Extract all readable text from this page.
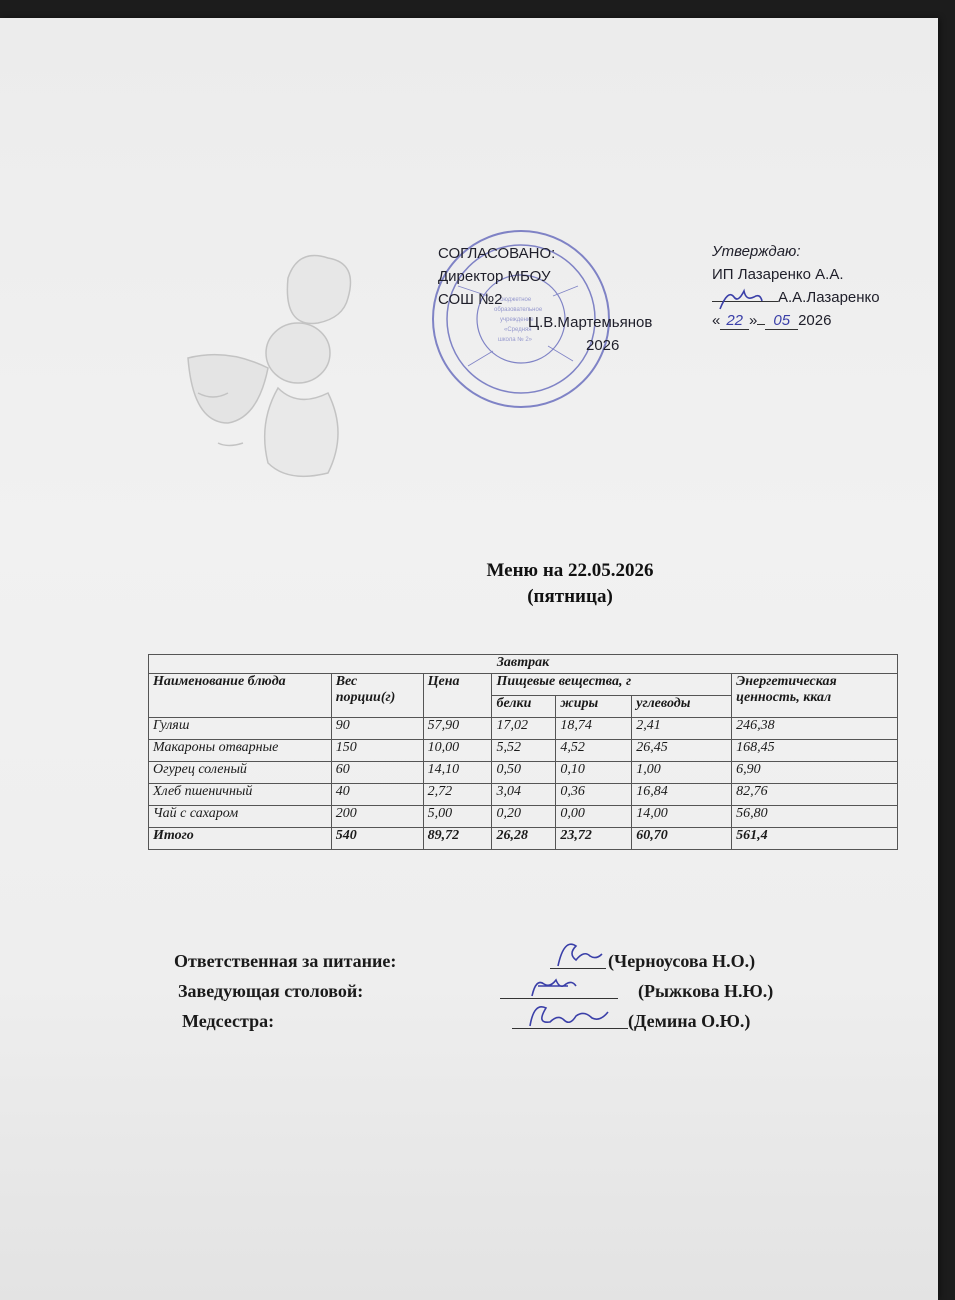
бюджетное
образовательное
учреждение
«Средняя
школа № 2»
СОГЛАСОВАНО:
Директор МБОУ
СОШ №2
Ц.В.Мартемьянов
2026
Утверждаю:
ИП Лазаренко А.А.
А.А.Лазаренко
« 22 » 05 2026
Меню на 22.05.2026
(пятница)
Завтрак						
Наименование блюда	Вес порции(г)	Цена	Пищевые вещества, г			Энергетическая ценность, ккал
			белки	жиры	углеводы	
Гуляш	90	57,90	17,02	18,74	2,41	246,38
Макароны отварные	150	10,00	5,52	4,52	26,45	168,45
Огурец соленый	60	14,10	0,50	0,10	1,00	6,90
Хлеб пшеничный	40	2,72	3,04	0,36	16,84	82,76
Чай с сахаром	200	5,00	0,20	0,00	14,00	56,80
Итого	540	89,72	26,28	23,72	60,70	561,4
Ответственная за питание:	(Черноусова Н.О.)
Заведующая столовой:	(Рыжкова Н.Ю.)
Медсестра:	(Демина О.Ю.)
